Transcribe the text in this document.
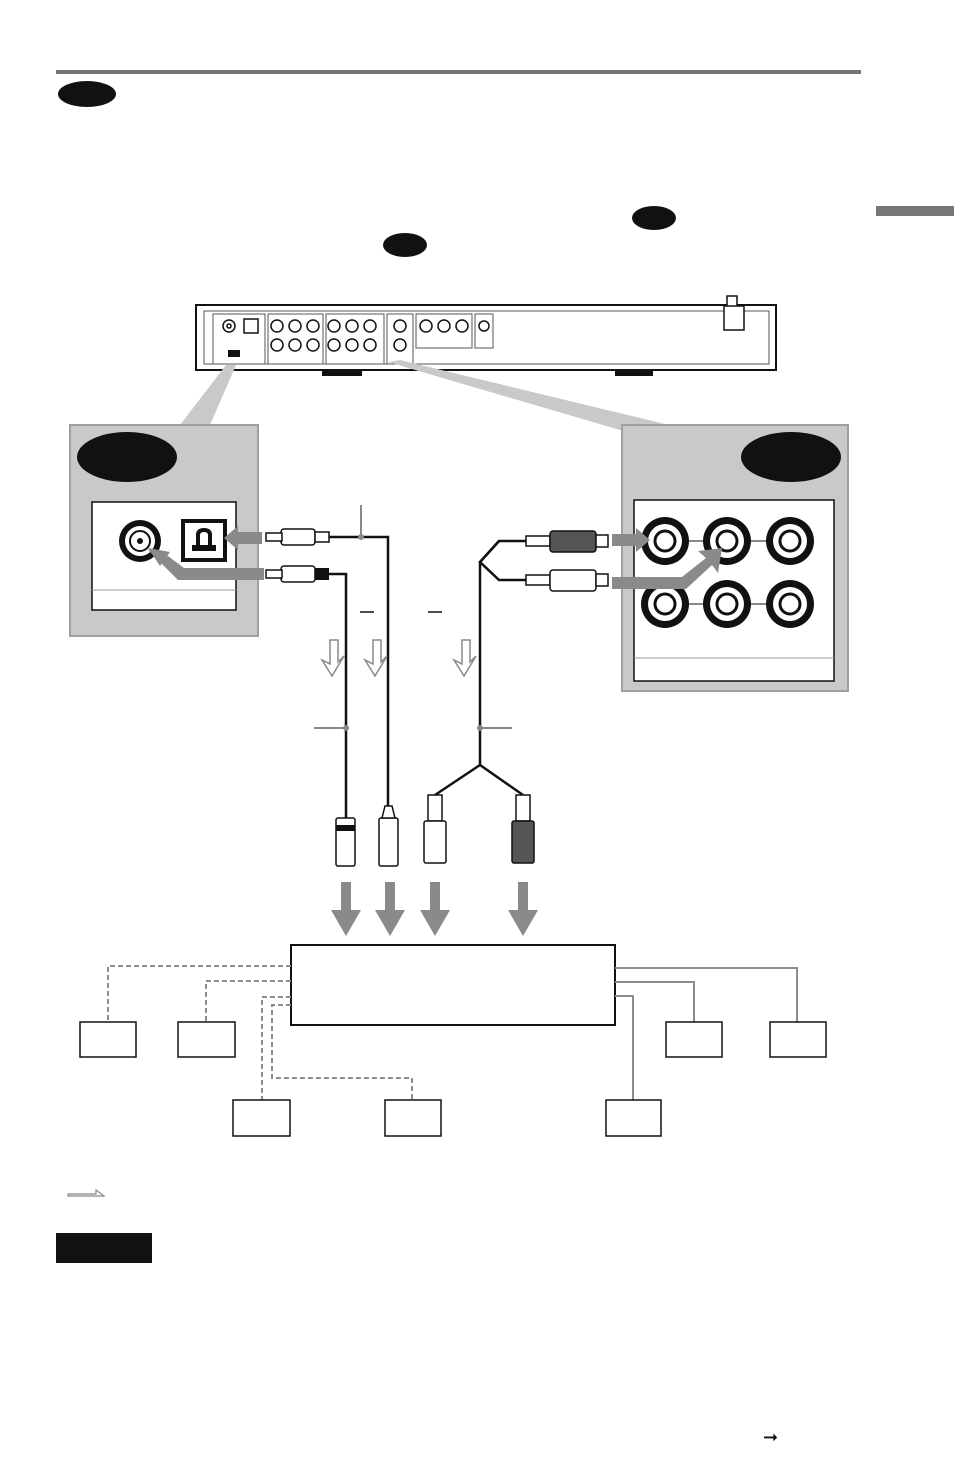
➞
